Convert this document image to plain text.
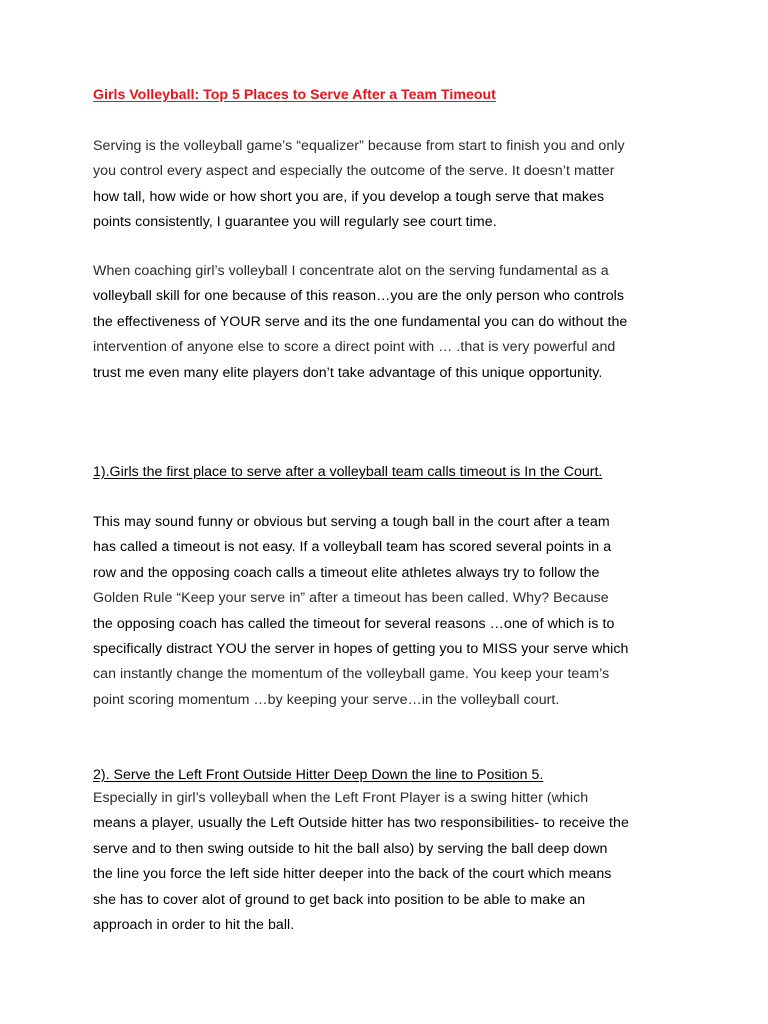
Girls Volleyball: Top 5 Places to Serve After a Team Timeout
Serving is the volleyball game’s “equalizer” because from start to finish you and only
you control every aspect and especially the outcome of the serve. It doesn’t matter
how tall, how wide or how short you are, if you develop a tough serve that makes
points consistently, I guarantee you will regularly see court time.
When coaching girl’s volleyball I concentrate alot on the serving fundamental as a
volleyball skill for one because of this reason…you are the only person who controls
the effectiveness of YOUR serve and its the one fundamental you can do without the
intervention of anyone else to score a direct point with … .that is very powerful and
trust me even many elite players don’t take advantage of this unique opportunity.
1).Girls the first place to serve after a volleyball team calls timeout is In the Court.
This may sound funny or obvious but serving a tough ball in the court after a team
has called a timeout is not easy. If a volleyball team has scored several points in a
row and the opposing coach calls a timeout elite athletes always try to follow the
Golden Rule “Keep your serve in” after a timeout has been called. Why? Because
the opposing coach has called the timeout for several reasons …one of which is to
specifically distract YOU the server in hopes of getting you to MISS your serve which
can instantly change the momentum of the volleyball game. You keep your team’s
point scoring momentum …by keeping your serve…in the volleyball court.
2). Serve the Left Front Outside Hitter Deep Down the line to Position 5.
Especially in girl’s volleyball when the Left Front Player is a swing hitter (which
means a player, usually the Left Outside hitter has two responsibilities- to receive the
serve and to then swing outside to hit the ball also) by serving the ball deep down
the line you force the left side hitter deeper into the back of the court which means
she has to cover alot of ground to get back into position to be able to make an
approach in order to hit the ball.
